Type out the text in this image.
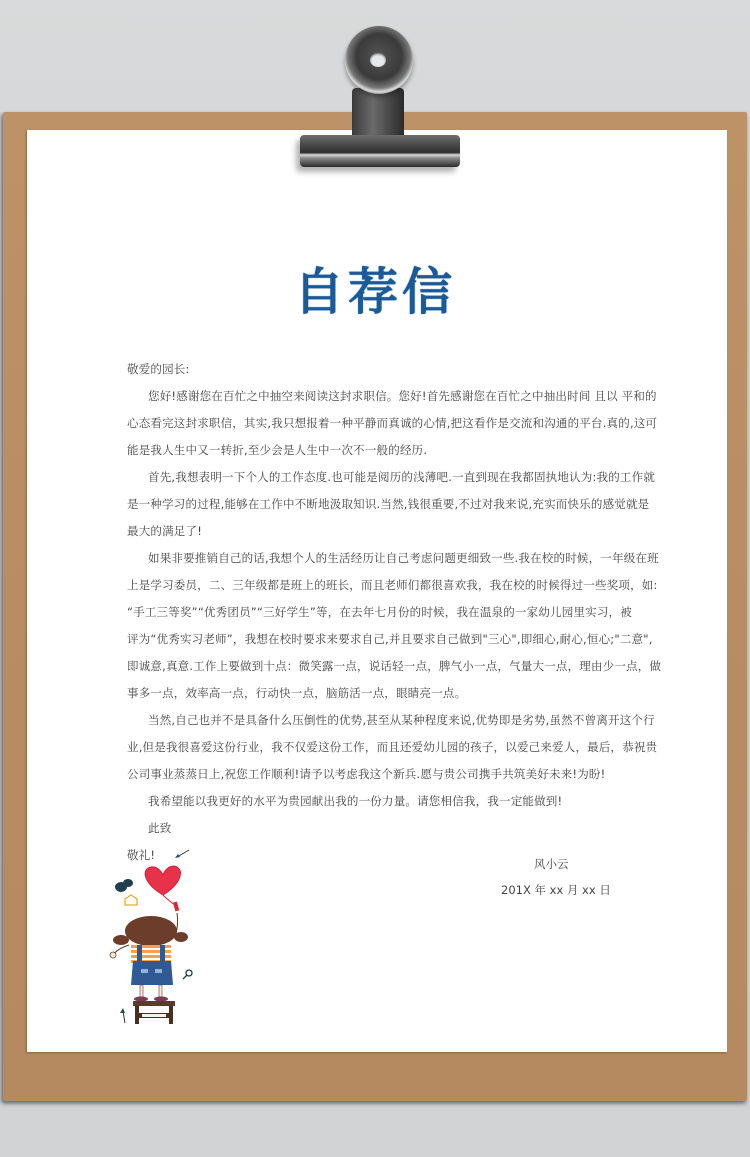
自荐信
敬爱的园长:
您好!感谢您在百忙之中抽空来阅读这封求职信。您好!首先感谢您在百忙之中抽出时间 且以 平和的
心态看完这封求职信，其实,我只想报着一种平静而真诚的心情,把这看作是交流和沟通的平台.真的,这可
能是我人生中又一转折,至少会是人生中一次不一般的经历.
首先,我想表明一下个人的工作态度.也可能是阅历的浅薄吧.一直到现在我都固执地认为:我的工作就
是一种学习的过程,能够在工作中不断地汲取知识.当然,钱很重要,不过对我来说,充实而快乐的感觉就是
最大的满足了!
如果非要推销自己的话,我想个人的生活经历让自己考虑问题更细致一些.我在校的时候，一年级在班
上是学习委员，二、三年级都是班上的班长，而且老师们都很喜欢我，我在校的时候得过一些奖项，如:
“手工三等奖”“优秀团员”“三好学生”等，在去年七月份的时候，我在温泉的一家幼儿园里实习，被
评为“优秀实习老师”，我想在校时要求来要求自己,并且要求自己做到"三心",即细心,耐心,恒心;"二意",
即诚意,真意.工作上要做到十点：微笑露一点，说话轻一点，脾气小一点，气量大一点，理由少一点，做
事多一点，效率高一点，行动快一点，脑筋活一点，眼睛亮一点。
当然,自己也并不是具备什么压倒性的优势,甚至从某种程度来说,优势即是劣势,虽然不曾离开这个行
业,但是我很喜爱这份行业，我不仅爱这份工作，而且还爱幼儿园的孩子，以爱己来爱人，最后，恭祝贵
公司事业蒸蒸日上,祝您工作顺利!请予以考虑我这个新兵.愿与贵公司携手共筑美好未来!为盼!
我希望能以我更好的水平为贵园献出我的一份力量。请您相信我，我一定能做到!
此致
敬礼!
风小云
201X 年 xx 月 xx 日
